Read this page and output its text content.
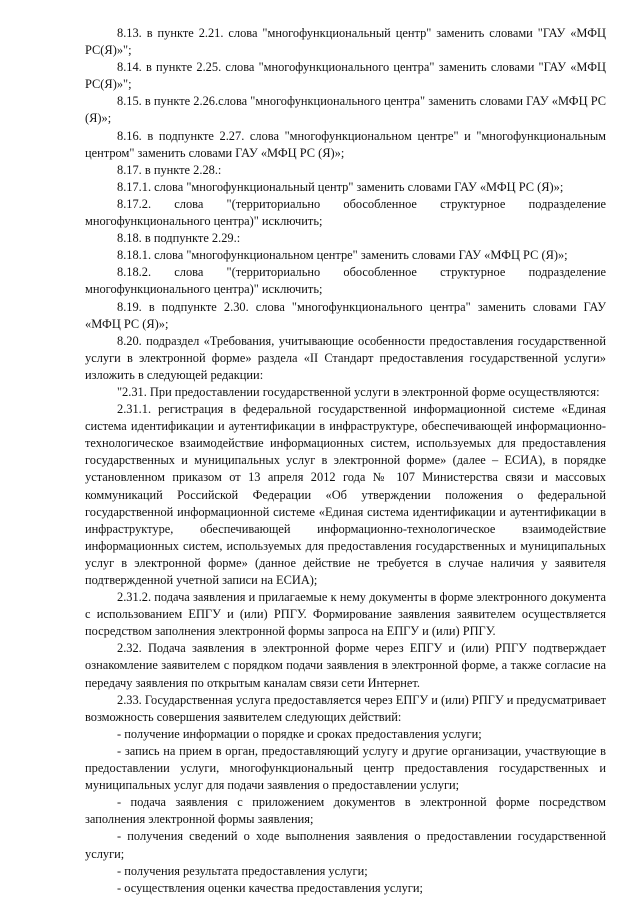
8.13. в пункте 2.21. слова "многофункциональный центр" заменить словами "ГАУ «МФЦ РС(Я)»";

8.14. в пункте 2.25. слова "многофункционального центра" заменить словами "ГАУ «МФЦ РС(Я)»";

8.15. в пункте 2.26.слова "многофункционального центра" заменить словами ГАУ «МФЦ РС (Я)»;

8.16. в подпункте 2.27. слова "многофункциональном центре" и "многофункциональным центром" заменить словами ГАУ «МФЦ РС (Я)»;

8.17. в пункте 2.28.:

8.17.1. слова "многофункциональный центр" заменить словами ГАУ «МФЦ РС (Я)»;

8.17.2. слова "(территориально обособленное структурное подразделение многофункционального центра)" исключить;

8.18. в подпункте 2.29.:

8.18.1. слова "многофункциональном центре" заменить словами ГАУ «МФЦ РС (Я)»;

8.18.2. слова "(территориально обособленное структурное подразделение многофункционального центра)" исключить;

8.19. в подпункте 2.30. слова "многофункционального центра" заменить словами ГАУ «МФЦ РС (Я)»;

8.20. подраздел «Требования, учитывающие особенности предоставления государственной услуги в электронной форме» раздела «II Стандарт предоставления государственной услуги» изложить в следующей редакции:

"2.31. При предоставлении государственной услуги в электронной форме осуществляются:

2.31.1. регистрация в федеральной государственной информационной системе «Единая система идентификации и аутентификации в инфраструктуре, обеспечивающей информационно-технологическое взаимодействие информационных систем, используемых для предоставления государственных и муниципальных услуг в электронной форме» (далее – ЕСИА), в порядке установленном приказом от 13 апреля 2012 года № 107 Министерства связи и массовых коммуникаций Российской Федерации «Об утверждении положения о федеральной государственной информационной системе «Единая система идентификации и аутентификации в инфраструктуре, обеспечивающей информационно-технологическое взаимодействие информационных систем, используемых для предоставления государственных и муниципальных услуг в электронной форме» (данное действие не требуется в случае наличия у заявителя подтвержденной учетной записи на ЕСИА);

2.31.2. подача заявления и прилагаемые к нему документы в форме электронного документа с использованием ЕПГУ и (или) РПГУ. Формирование заявления заявителем осуществляется посредством заполнения электронной формы запроса на ЕПГУ и (или) РПГУ.

2.32. Подача заявления в электронной форме через ЕПГУ и (или) РПГУ подтверждает ознакомление заявителем с порядком подачи заявления в электронной форме, а также согласие на передачу заявления по открытым каналам связи сети Интернет.

2.33. Государственная услуга предоставляется через ЕПГУ и (или) РПГУ и предусматривает возможность совершения заявителем следующих действий:

- получение информации о порядке и сроках предоставления услуги;

- запись на прием в орган, предоставляющий услугу и другие организации, участвующие в предоставлении услуги, многофункциональный центр предоставления государственных и муниципальных услуг для подачи заявления о предоставлении услуги;

- подача заявления с приложением документов в электронной форме посредством заполнения электронной формы заявления;

- получения сведений о ходе выполнения заявления о предоставлении государственной услуги;

- получения результата предоставления услуги;

- осуществления оценки качества предоставления услуги;
